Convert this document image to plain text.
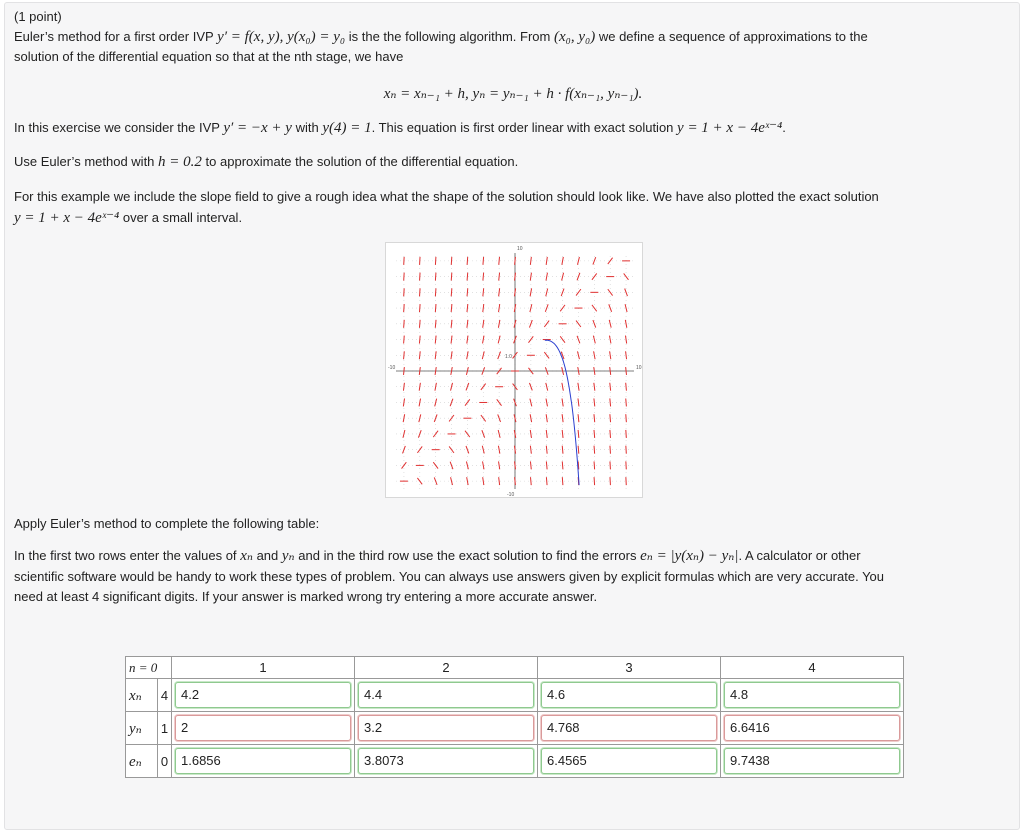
(1 point)
Euler’s method for a first order IVP y′ = f(x, y), y(x₀) = y₀ is the the following algorithm. From (x₀, y₀) we define a sequence of approximations to the
solution of the differential equation so that at the nth stage, we have
xₙ = xₙ₋₁ + h, yₙ = yₙ₋₁ + h · f(xₙ₋₁, yₙ₋₁).
In this exercise we consider the IVP y′ = −x + y with y(4) = 1. This equation is first order linear with exact solution y = 1 + x − 4eˣ⁻⁴.
Use Euler’s method with h = 0.2 to approximate the solution of the differential equation.
For this example we include the slope field to give a rough idea what the shape of the solution should look like. We have also plotted the exact solution
y = 1 + x − 4eˣ⁻⁴ over a small interval.
-10	10
10
-10
1.0
Apply Euler’s method to complete the following table:
In the first two rows enter the values of xₙ and yₙ and in the third row use the exact solution to find the errors eₙ = |y(xₙ) − yₙ|. A calculator or other
scientific software would be handy to work these types of problem. You can always use answers given by explicit formulas which are very accurate. You
need at least 4 significant digits. If your answer is marked wrong try entering a more accurate answer.
n = 0		1	2	3	4
xₙ	4	4.2	4.4	4.6	4.8

yₙ	1	2	3.2	4.768	6.6416

eₙ	0	1.6856	3.8073	6.4565	9.7438
